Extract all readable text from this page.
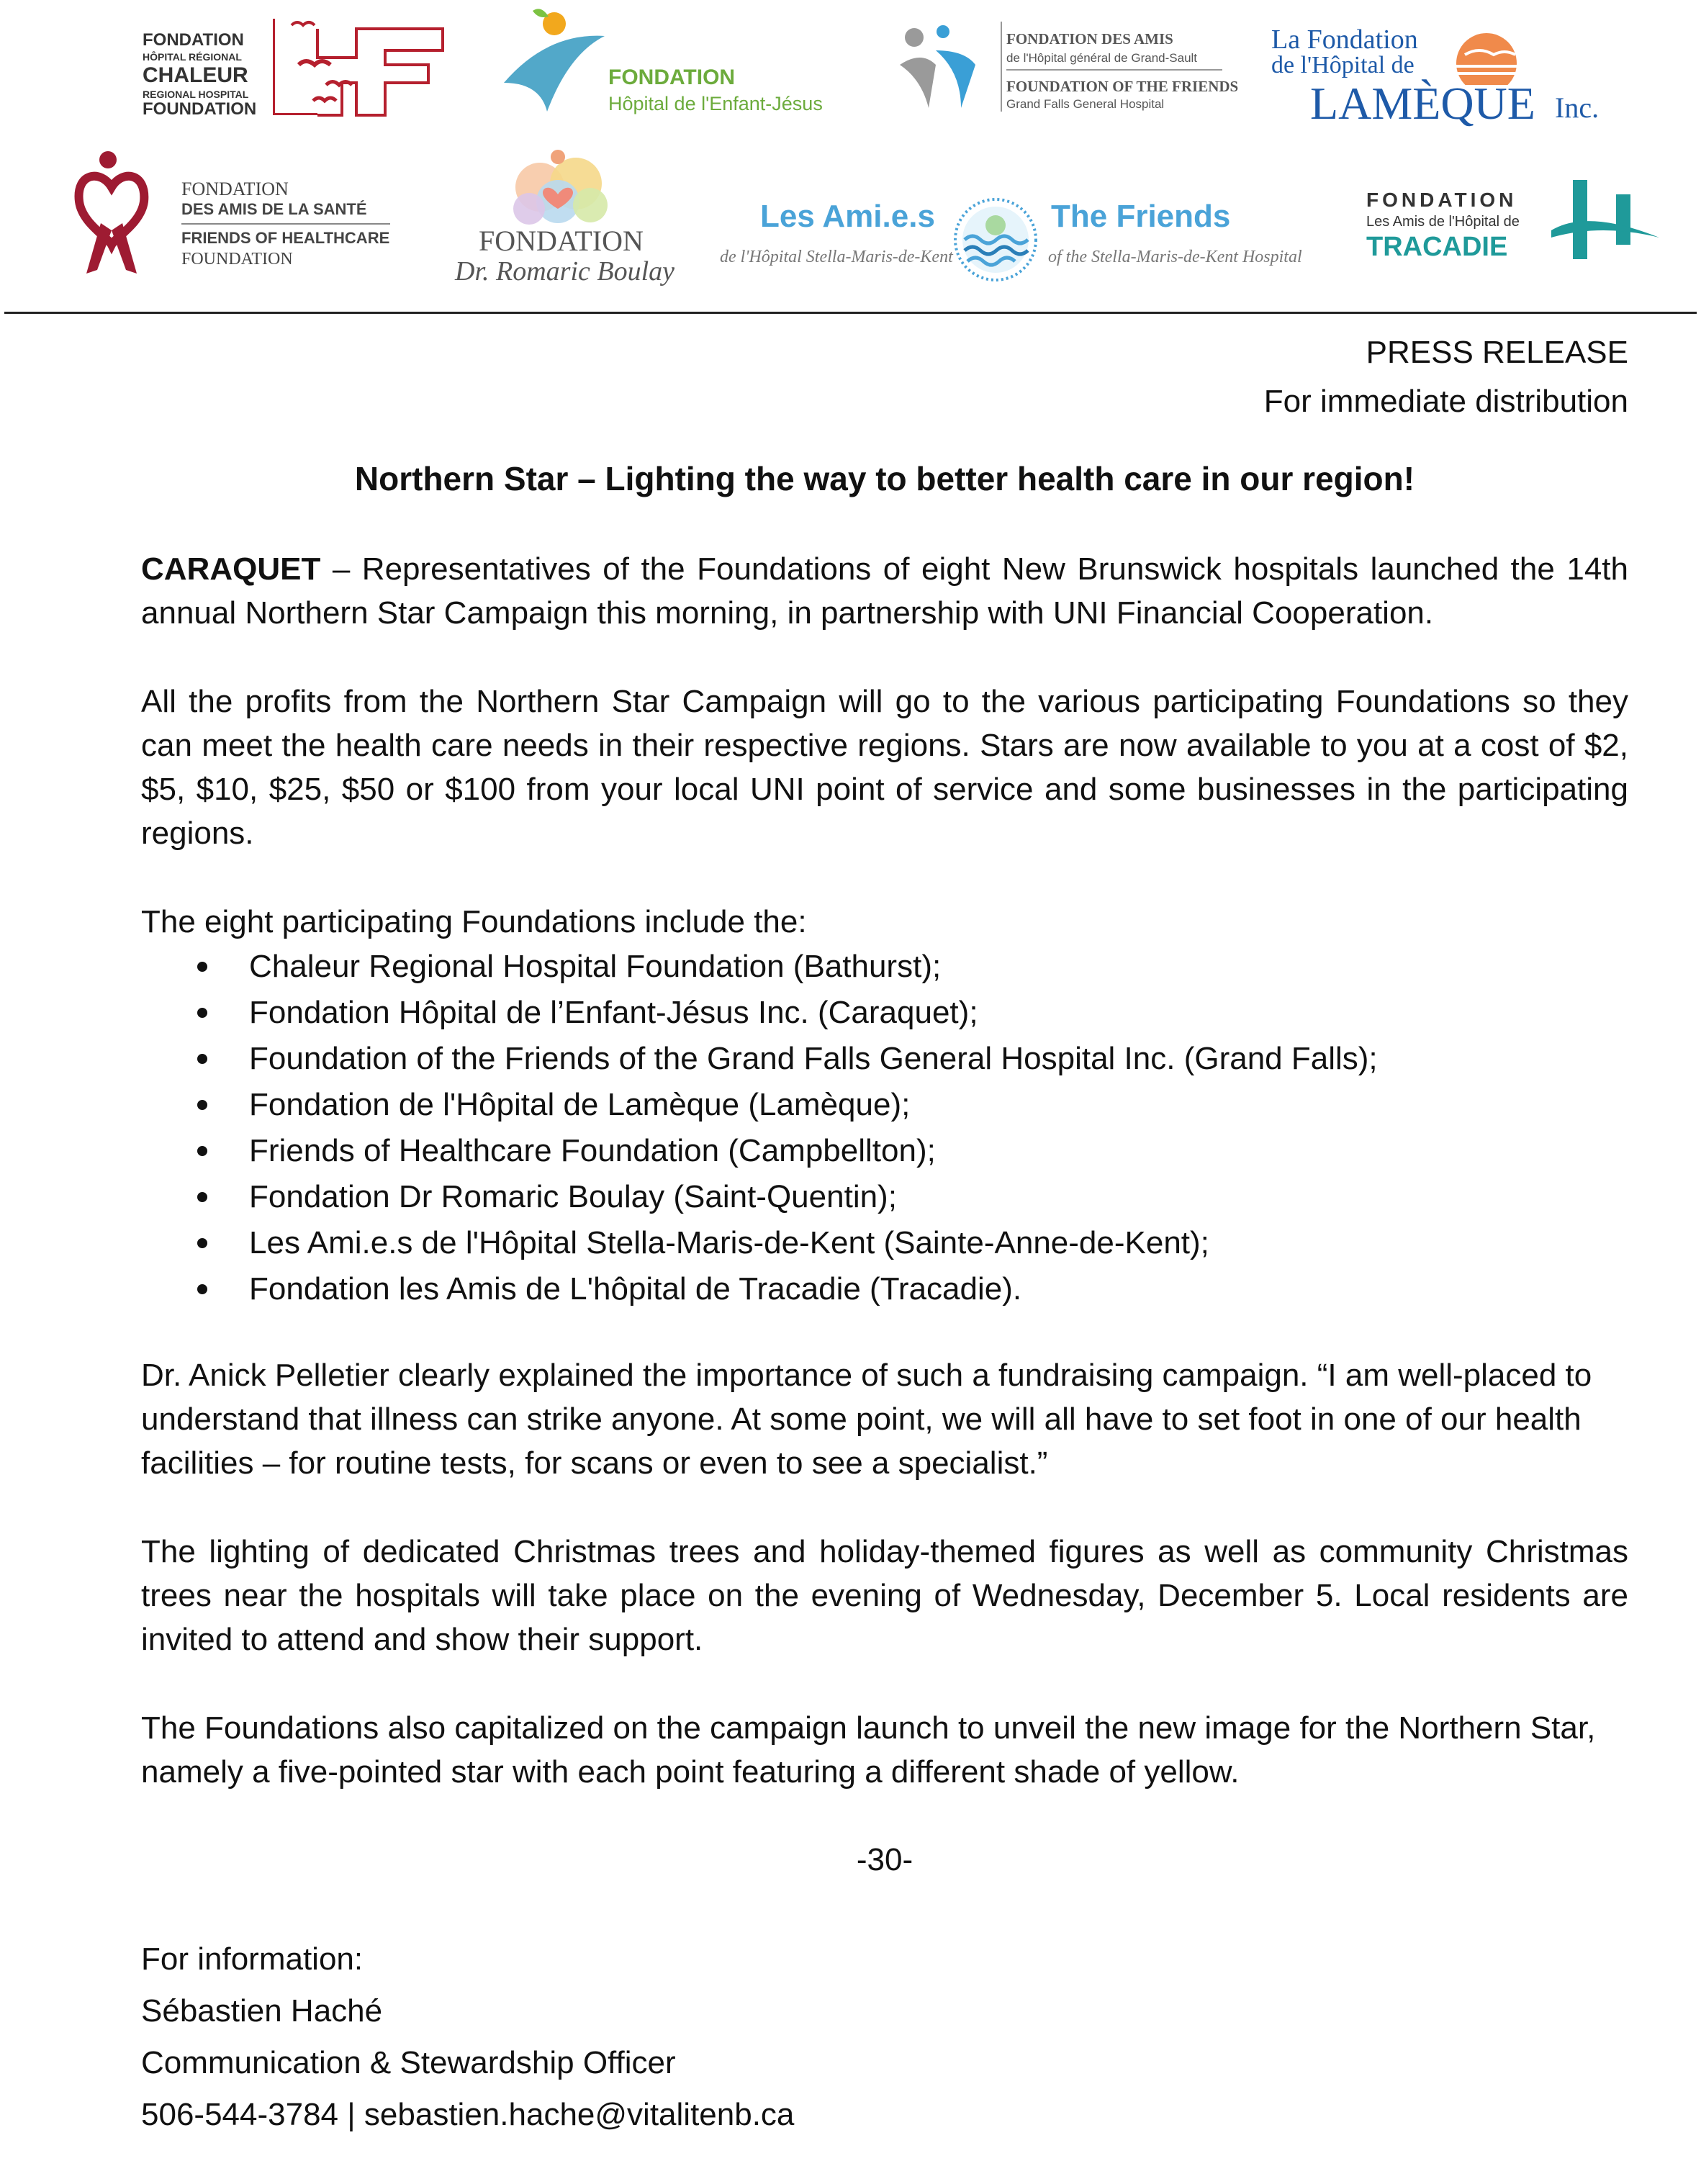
FONDATION
HÔPITAL RÉGIONAL
CHALEUR
REGIONAL HOSPITAL
FOUNDATION
FONDATION
Hôpital de l'Enfant-Jésus
FONDATION DES AMIS
de l'Hôpital général de Grand-Sault
FOUNDATION OF THE FRIENDS
Grand Falls General Hospital
La Fondation
de l'Hôpital de
LAMÈQUE Inc.
FONDATION
DES AMIS DE LA SANTÉ
FRIENDS OF HEALTHCARE
FOUNDATION
FONDATION
Dr. Romaric Boulay
Les Ami.e.s
de l'Hôpital Stella-Maris-de-Kent
The Friends
of the Stella-Maris-de-Kent Hospital
FONDATION
Les Amis de l'Hôpital de
TRACADIE
PRESS RELEASE
For immediate distribution
Northern Star – Lighting the way to better health care in our region!
CARAQUET – Representatives of the Foundations of eight New Brunswick hospitals launched the 14th annual Northern Star Campaign this morning, in partnership with UNI Financial Cooperation.
All the profits from the Northern Star Campaign will go to the various participating Foundations so they can meet the health care needs in their respective regions. Stars are now available to you at a cost of $2, $5, $10, $25, $50 or $100 from your local UNI point of service and some businesses in the participating regions.
The eight participating Foundations include the:
Chaleur Regional Hospital Foundation (Bathurst);
Fondation Hôpital de l’Enfant-Jésus Inc. (Caraquet);
Foundation of the Friends of the Grand Falls General Hospital Inc. (Grand Falls);
Fondation de l'Hôpital de Lamèque (Lamèque);
Friends of Healthcare Foundation (Campbellton);
Fondation Dr Romaric Boulay (Saint-Quentin);
Les Ami.e.s de l'Hôpital Stella-Maris-de-Kent (Sainte-Anne-de-Kent);
Fondation les Amis de L'hôpital de Tracadie (Tracadie).
Dr. Anick Pelletier clearly explained the importance of such a fundraising campaign. “I am well-placed to understand that illness can strike anyone. At some point, we will all have to set foot in one of our health facilities – for routine tests, for scans or even to see a specialist.”
The lighting of dedicated Christmas trees and holiday-themed figures as well as community Christmas trees near the hospitals will take place on the evening of Wednesday, December 5. Local residents are invited to attend and show their support.
The Foundations also capitalized on the campaign launch to unveil the new image for the Northern Star, namely a five-pointed star with each point featuring a different shade of yellow.
-30-
For information:
Sébastien Haché
Communication & Stewardship Officer
506-544-3784 | sebastien.hache@vitalitenb.ca
